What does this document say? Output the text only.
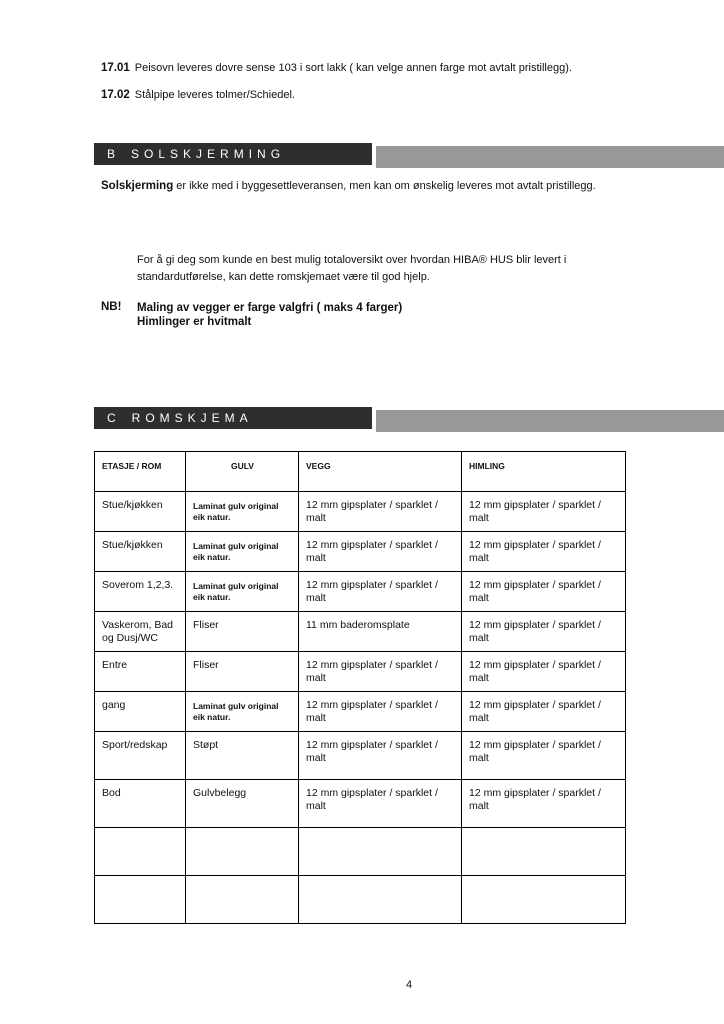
17.01 Peisovn leveres dovre sense 103 i sort lakk ( kan velge annen farge mot avtalt pristillegg).
17.02 Stålpipe leveres tolmer/Schiedel.
B SOLSKJERMING
Solskjerming er ikke med i byggesettleveransen, men kan om ønskelig leveres mot avtalt pristillegg.
For å gi deg som kunde en best mulig totaloversikt over hvordan HIBA® HUS blir levert i standardutførelse, kan dette romskjemaet være til god hjelp.
NB! Maling av vegger er farge valgfri ( maks 4 farger)
Himlinger er hvitmalt
C ROMSKJEMA
ETASJE / ROM	GULV	VEGG	HIMLING
Stue/kjøkken	Laminat gulv original eik natur.	12 mm gipsplater / sparklet / malt	12 mm gipsplater / sparklet / malt
Stue/kjøkken	Laminat gulv original eik natur.	12 mm gipsplater / sparklet / malt	12 mm gipsplater / sparklet / malt
Soverom 1,2,3.	Laminat gulv original eik natur.	12 mm gipsplater / sparklet / malt	12 mm gipsplater / sparklet / malt
Vaskerom, Bad og Dusj/WC	Fliser	11 mm baderomsplate	12 mm gipsplater / sparklet / malt
Entre	Fliser	12 mm gipsplater / sparklet / malt	12 mm gipsplater / sparklet / malt
gang	Laminat gulv original eik natur.	12 mm gipsplater / sparklet / malt	12 mm gipsplater / sparklet / malt
Sport/redskap	Støpt	12 mm gipsplater / sparklet / malt	12 mm gipsplater / sparklet / malt
Bod	Gulvbelegg	12 mm gipsplater / sparklet / malt	12 mm gipsplater / sparklet / malt

4
